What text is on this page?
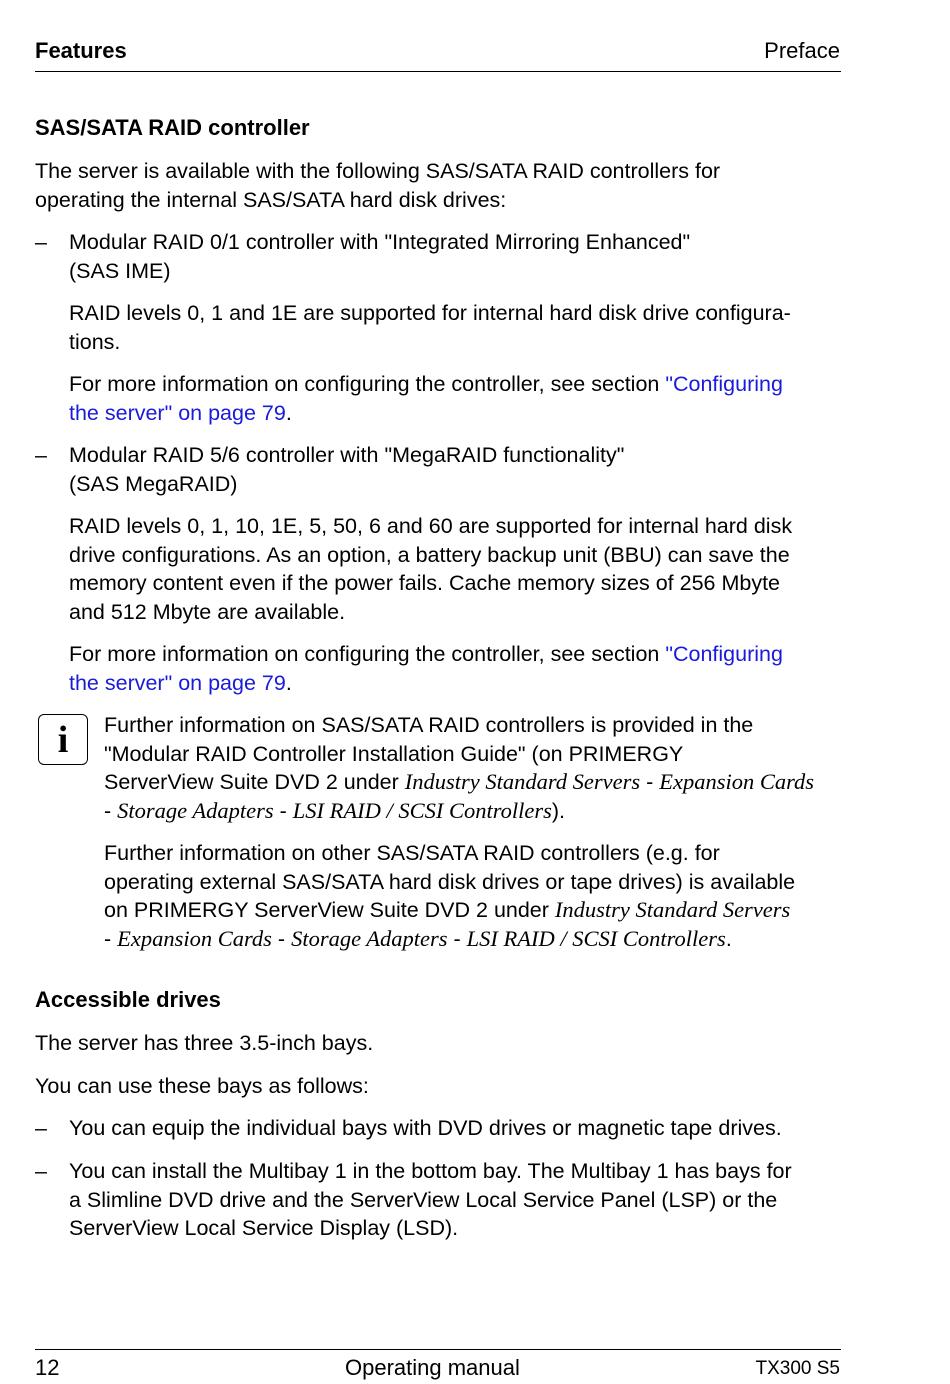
Features	Preface
SAS/SATA RAID controller
The server is available with the following SAS/SATA RAID controllers for
operating the internal SAS/SATA hard disk drives:
– Modular RAID 0/1 controller with "Integrated Mirroring Enhanced"
(SAS IME)
RAID levels 0, 1 and 1E are supported for internal hard disk drive configura-
tions.
For more information on configuring the controller, see section "Configuring
the server" on page 79.
– Modular RAID 5/6 controller with "MegaRAID functionality"
(SAS MegaRAID)
RAID levels 0, 1, 10, 1E, 5, 50, 6 and 60 are supported for internal hard disk
drive configurations. As an option, a battery backup unit (BBU) can save the
memory content even if the power fails. Cache memory sizes of 256 Mbyte
and 512 Mbyte are available.
For more information on configuring the controller, see section "Configuring
the server" on page 79.
i	Further information on SAS/SATA RAID controllers is provided in the
"Modular RAID Controller Installation Guide" (on PRIMERGY
ServerView Suite DVD 2 under Industry Standard Servers - Expansion Cards
- Storage Adapters - LSI RAID / SCSI Controllers).
Further information on other SAS/SATA RAID controllers (e.g. for
operating external SAS/SATA hard disk drives or tape drives) is available
on PRIMERGY ServerView Suite DVD 2 under Industry Standard Servers
- Expansion Cards - Storage Adapters - LSI RAID / SCSI Controllers.
Accessible drives
The server has three 3.5-inch bays.
You can use these bays as follows:
– You can equip the individual bays with DVD drives or magnetic tape drives.
– You can install the Multibay 1 in the bottom bay. The Multibay 1 has bays for
a Slimline DVD drive and the ServerView Local Service Panel (LSP) or the
ServerView Local Service Display (LSD).
12	Operating manual	TX300 S5
